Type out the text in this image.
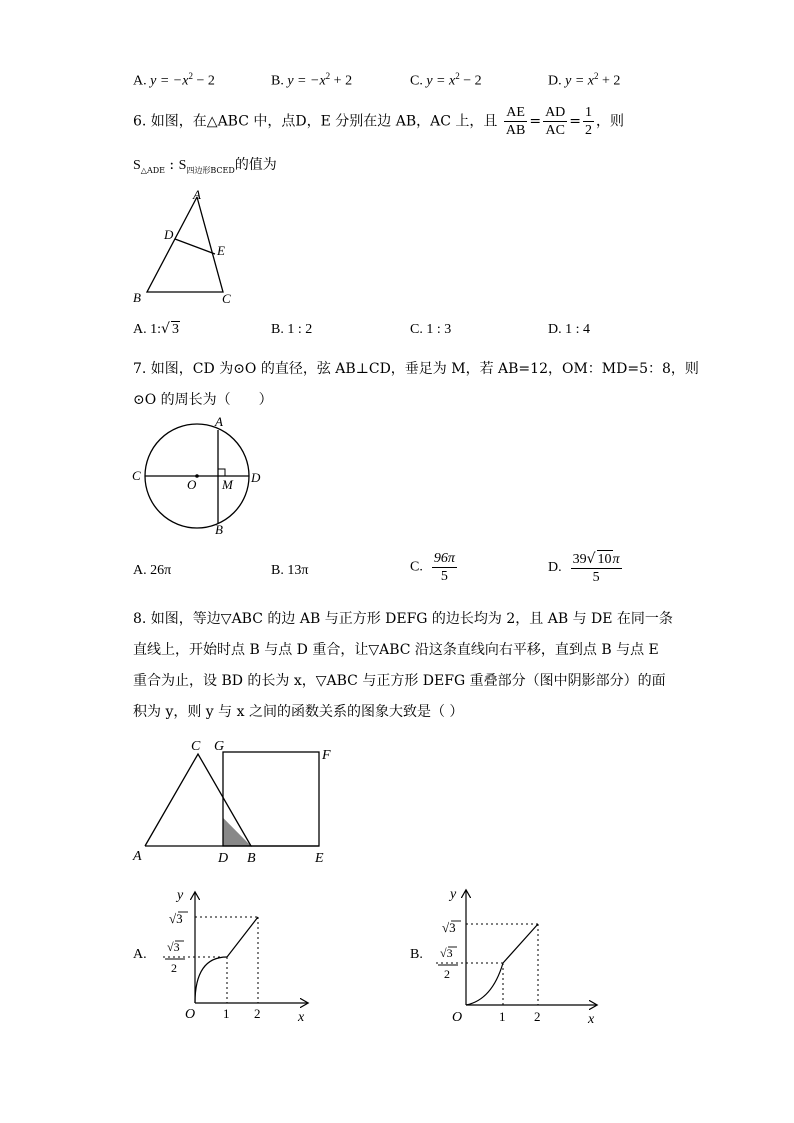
A. $y = -x^2 - 2$	B. $y = -x^2 + 2$	C. $y = x^2 - 2$	D. $y = x^2 + 2$
6. 如图，在△ABC 中，点D，E 分别在边 AB，AC 上，且 $\frac{AE}{AB} = \frac{AD}{AC} = \frac{1}{2}$ ，则
$S_{\triangle ADE}$ : $S_{四边形BCED}$的值为
A
D
E
B	C
A. 1:√ 3	B. 1 : 2	C. 1 : 3	D. 1 : 4
7. 如图，CD 为⊙O 的直径，弦 AB⊥CD，垂足为 M，若 AB=12，OM：MD=5：8，则
⊙O 的周长为（　　）
A
C	D
O M
B
A. 26π	B. 13π	C. $\frac{96\pi}{5}$	D. $\frac{39√ 10\pi}{5}$
8. 如图，等边▽ABC 的边 AB 与正方形 DEFG 的边长均为 2，且 AB 与 DE 在同一条
直线上，开始时点 B 与点 D 重合，让▽ABC 沿这条直线向右平移，直到点 B 与点 E
重合为止，设 BD 的长为 x，▽ABC 与正方形 DEFG 重叠部分（图中阴影部分）的面
积为 y，则 y 与 x 之间的函数关系的图象大致是（ ）
C G
F
A	D B	E
A.
√3
√3
2
y
x
O 1 2
B.
√3
√3
2
y
x
O	1 2
